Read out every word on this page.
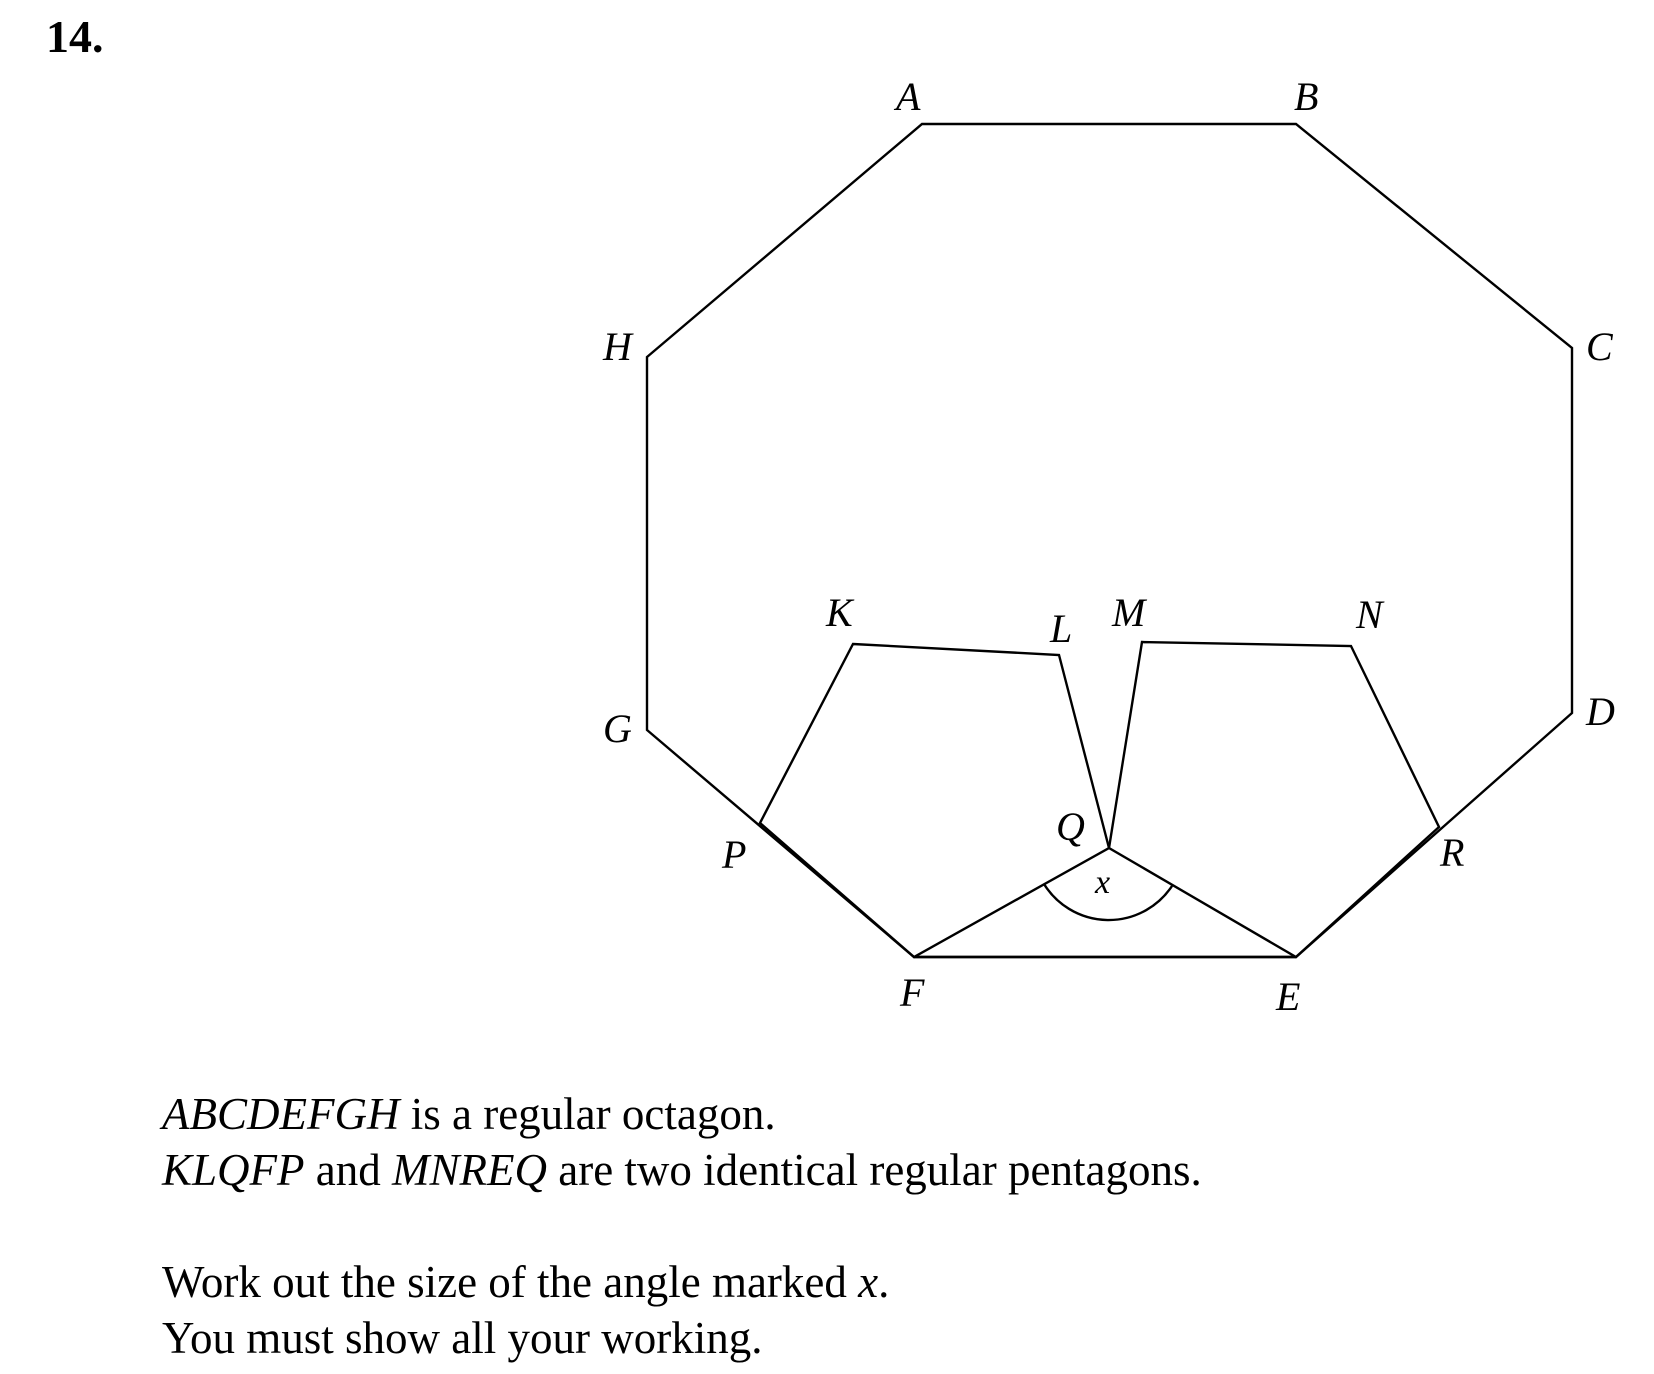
14.
A	B
C
D
E
F
G
H
K	L M	N
P
Q
R
x

ABCDEFGH is a regular octagon.

KLQFP and MNREQ are two identical regular pentagons.

Work out the size of the angle marked x.

You must show all your working.
